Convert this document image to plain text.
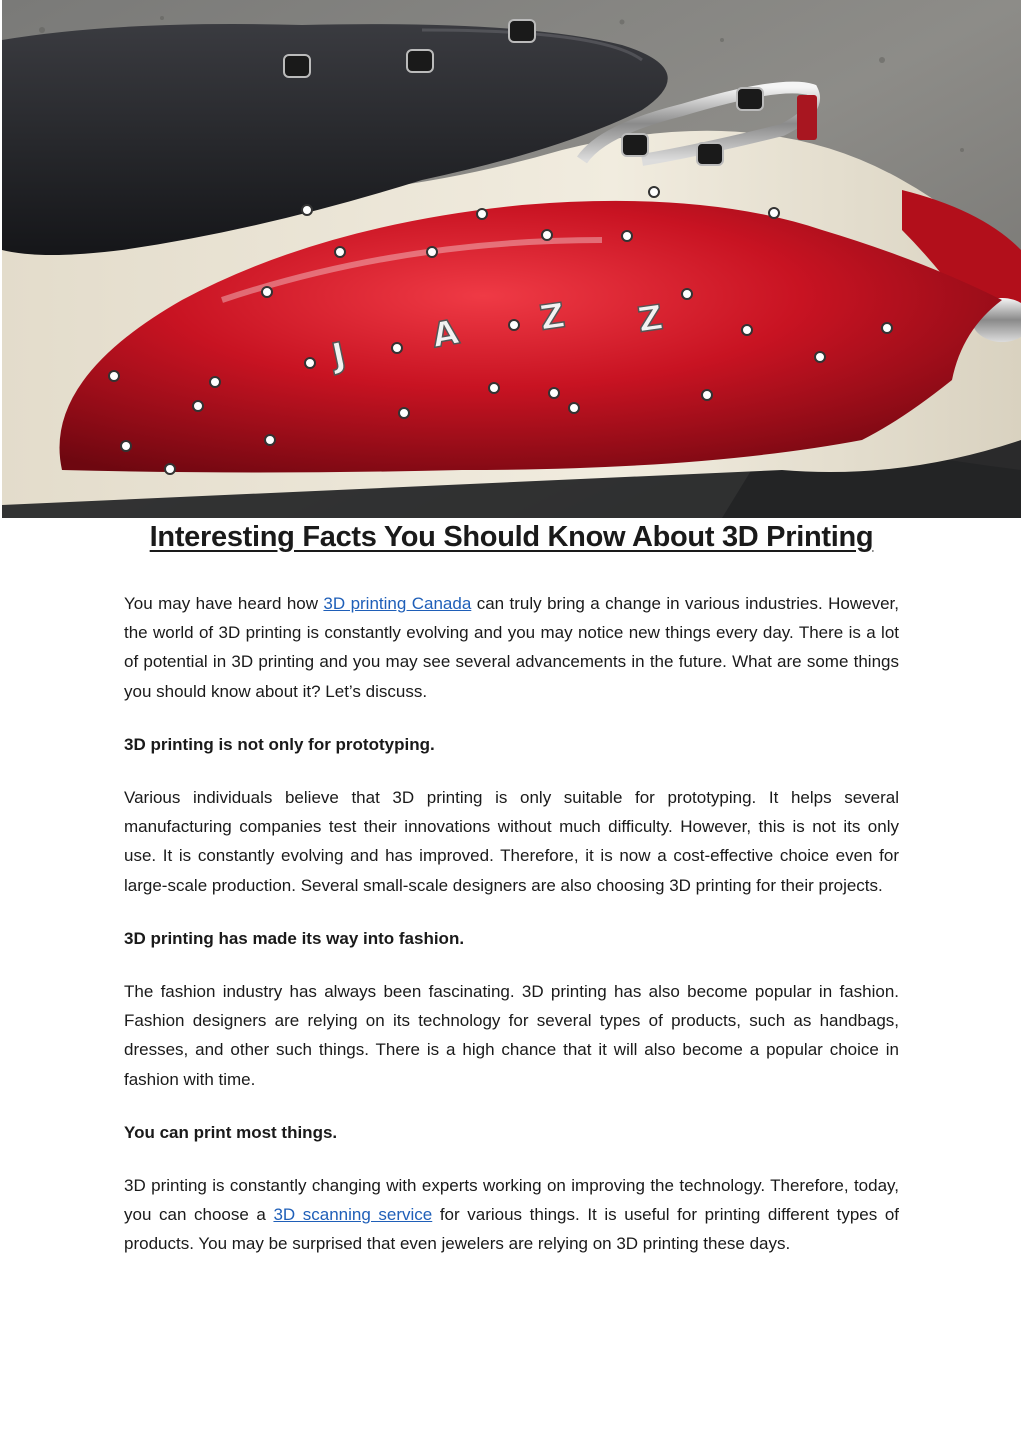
J A Z Z
Interesting Facts You Should Know About 3D Printing

You may have heard how 3D printing Canada can truly bring a change in various industries. However, the world of 3D printing is constantly evolving and you may notice new things every day. There is a lot of potential in 3D printing and you may see several advancements in the future. What are some things you should know about it? Let’s discuss.

3D printing is not only for prototyping.

Various individuals believe that 3D printing is only suitable for prototyping. It helps several manufacturing companies test their innovations without much difficulty. However, this is not its only use. It is constantly evolving and has improved. Therefore, it is now a cost-effective choice even for large-scale production. Several small-scale designers are also choosing 3D printing for their projects.

3D printing has made its way into fashion.

The fashion industry has always been fascinating. 3D printing has also become popular in fashion. Fashion designers are relying on its technology for several types of products, such as handbags, dresses, and other such things. There is a high chance that it will also become a popular choice in fashion with time.

You can print most things.

3D printing is constantly changing with experts working on improving the technology. Therefore, today, you can choose a 3D scanning service for various things. It is useful for printing different types of products. You may be surprised that even jewelers are relying on 3D printing these days.
